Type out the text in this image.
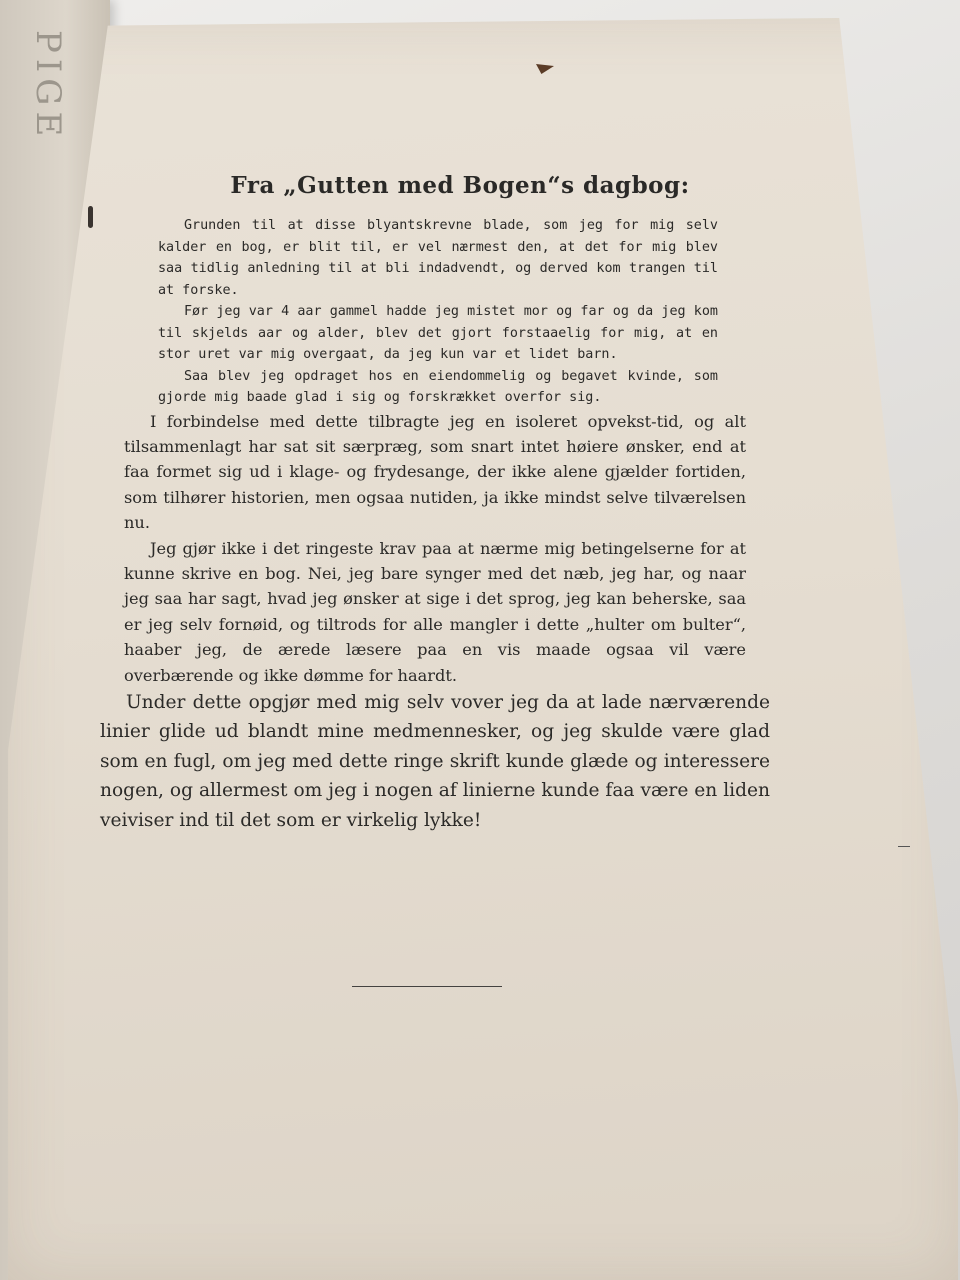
PIGE
Fra „Gutten med Bogen“s dagbog:

Grunden til at disse blyantskrevne blade, som jeg for mig selv kalder en bog, er blit til, er vel nærmest den, at det for mig blev saa tidlig anledning til at bli indadvendt, og derved kom trangen til at forske.

Før jeg var 4 aar gammel hadde jeg mistet mor og far og da jeg kom til skjelds aar og alder, blev det gjort forstaaelig for mig, at en stor uret var mig overgaat, da jeg kun var et lidet barn.

Saa blev jeg opdraget hos en eiendommelig og begavet kvinde, som gjorde mig baade glad i sig og forskrækket overfor sig.

I forbindelse med dette tilbragte jeg en isoleret opvekst-tid, og alt tilsammenlagt har sat sit særpræg, som snart intet høiere ønsker, end at faa formet sig ud i klage- og frydesange, der ikke alene gjælder fortiden, som tilhører historien, men ogsaa nutiden, ja ikke mindst selve tilværelsen nu.

Jeg gjør ikke i det ringeste krav paa at nærme mig betingelserne for at kunne skrive en bog. Nei, jeg bare synger med det næb, jeg har, og naar jeg saa har sagt, hvad jeg ønsker at sige i det sprog, jeg kan beherske, saa er jeg selv fornøid, og tiltrods for alle mangler i dette „hulter om bulter“, haaber jeg, de ærede læsere paa en vis maade ogsaa vil være overbærende og ikke dømme for haardt.

Under dette opgjør med mig selv vover jeg da at lade nærværende linier glide ud blandt mine medmennesker, og jeg skulde være glad som en fugl, om jeg med dette ringe skrift kunde glæde og interessere nogen, og allermest om jeg i nogen af linierne kunde faa være en liden veiviser ind til det som er virkelig lykke!
